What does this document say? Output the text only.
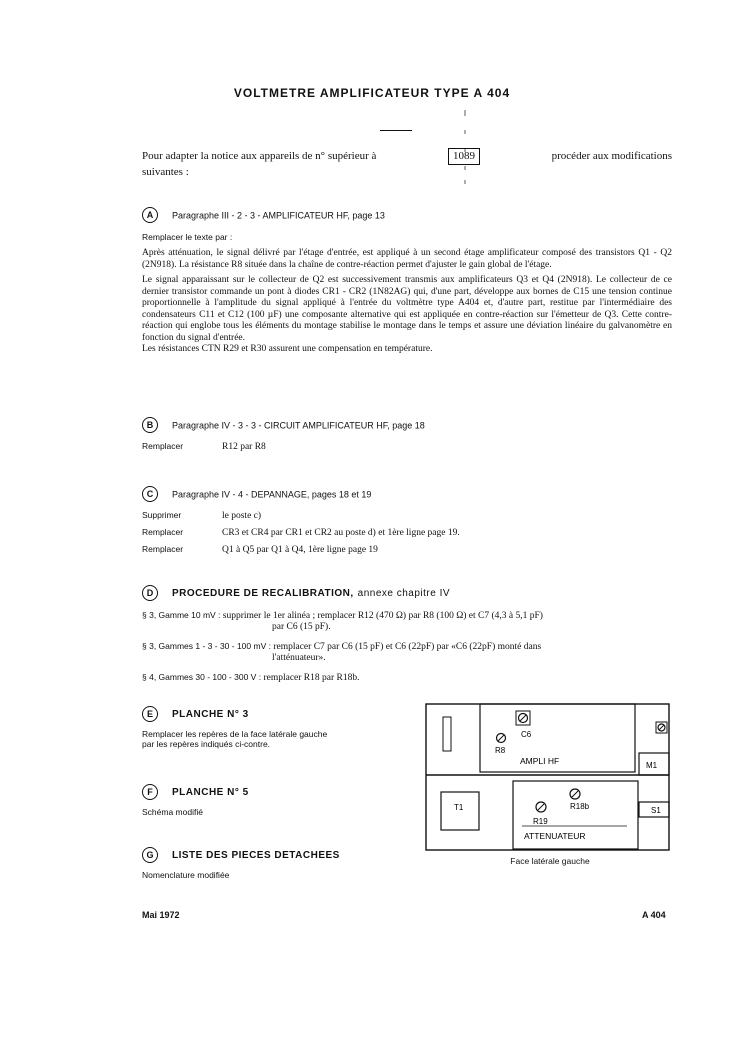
VOLTMETRE AMPLIFICATEUR TYPE A 404
Pour adapter la notice aux appareils de n° supérieur à	1089	procéder aux modifications
suivantes :
A Paragraphe III - 2 - 3 - AMPLIFICATEUR HF, page 13
Remplacer le texte par :
Après atténuation, le signal délivré par l'étage d'entrée, est appliqué à un second étage amplificateur composé des transistors Q1 - Q2 (2N918). La résistance R8 située dans la chaîne de contre-réaction permet d'ajuster le gain global de l'étage.
Le signal apparaissant sur le collecteur de Q2 est successivement transmis aux amplificateurs Q3 et Q4 (2N918). Le collecteur de ce dernier transistor commande un pont à diodes CR1 - CR2 (1N82AG) qui, d'une part, développe aux bornes de C15 une tension continue proportionnelle à l'amplitude du signal appliqué à l'entrée du voltmètre type A404 et, d'autre part, restitue par l'intermédiaire des condensateurs C11 et C12 (100 µF) une composante alternative qui est appliquée en contre-réaction sur l'émetteur de Q3. Cette contre-réaction qui englobe tous les éléments du montage stabilise le montage dans le temps et assure une déviation linéaire du galvanomètre en fonction du signal d'entrée.
Les résistances CTN R29 et R30 assurent une compensation en température.
B Paragraphe IV - 3 - 3 - CIRCUIT AMPLIFICATEUR HF, page 18
Remplacer	R12 par R8
C Paragraphe IV - 4 - DEPANNAGE, pages 18 et 19
Supprimer	le poste c)
Remplacer	CR3 et CR4 par CR1 et CR2 au poste d) et 1ère ligne page 19.
Remplacer	Q1 à Q5 par Q1 à Q4, 1ère ligne page 19
D PROCEDURE DE RECALIBRATION, annexe chapitre IV
§ 3, Gamme 10 mV : supprimer le 1er alinéa ; remplacer R12 (470 Ω) par R8 (100 Ω) et C7 (4,3 à 5,1 pF)
par C6 (15 pF).
§ 3, Gammes 1 - 3 - 30 - 100 mV : remplacer C7 par C6 (15 pF) et C6 (22pF) par «C6 (22pF) monté dans
l'atténuateur».
§ 4, Gammes 30 - 100 - 300 V : remplacer R18 par R18b.
E PLANCHE N° 3
Remplacer les repères de la face latérale gauche
par les repères indiqués ci-contre.
F PLANCHE N° 5
Schéma modifié
G LISTE DES PIECES DETACHEES
Nomenclature modifiée
C6
R8
AMPLI HF	M1
T1
R19
R18b
ATTENUATEUR
S1
Face latérale gauche
Mai 1972	A 404
